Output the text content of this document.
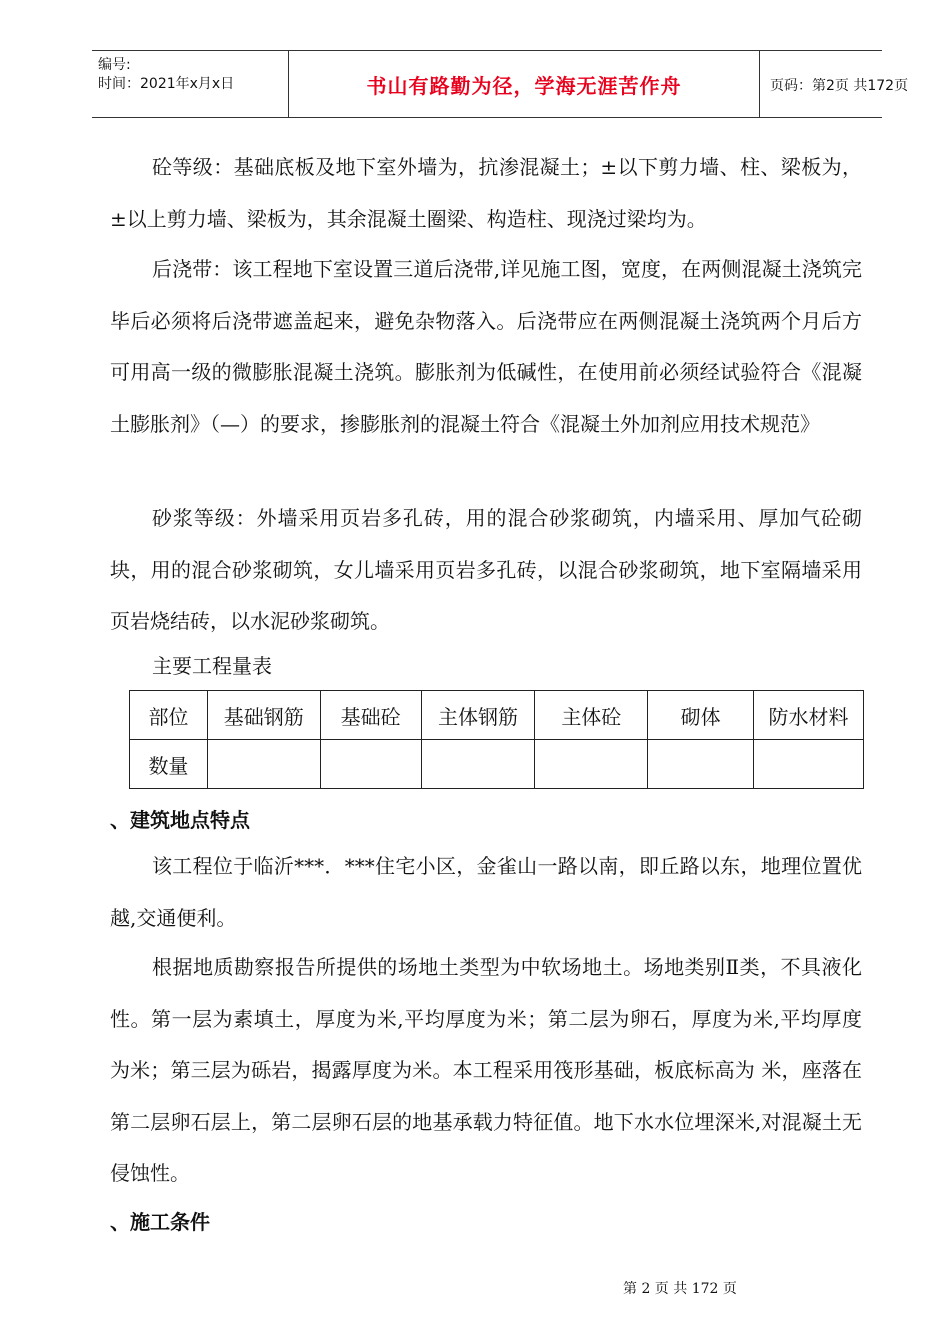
编号:
时间：2021年x月x日	书山有路勤为径，学海无涯苦作舟	页码：第2页 共172页

砼等级：基础底板及地下室外墙为，抗渗混凝土；±以下剪力墙、柱、梁板为，±以上剪力墙、梁板为，其余混凝土圈梁、构造柱、现浇过梁均为。

后浇带：该工程地下室设置三道后浇带,详见施工图，宽度，在两侧混凝土浇筑完毕后必须将后浇带遮盖起来，避免杂物落入。后浇带应在两侧混凝土浇筑两个月后方可用高一级的微膨胀混凝土浇筑。膨胀剂为低碱性，在使用前必须经试验符合《混凝土膨胀剂》（—）的要求，掺膨胀剂的混凝土符合《混凝土外加剂应用技术规范》

砂浆等级：外墙采用页岩多孔砖，用的混合砂浆砌筑，内墙采用、厚加气砼砌块，用的混合砂浆砌筑，女儿墙采用页岩多孔砖，以混合砂浆砌筑，地下室隔墙采用页岩烧结砖，以水泥砂浆砌筑。

主要工程量表
部位	基础钢筋	基础砼	主体钢筋	主体砼	砌体	防水材料
数量						
、建筑地点特点

该工程位于临沂***．***住宅小区，金雀山一路以南，即丘路以东，地理位置优越,交通便利。

根据地质勘察报告所提供的场地土类型为中软场地土。场地类别Ⅱ类，不具液化性。第一层为素填土，厚度为米,平均厚度为米；第二层为卵石，厚度为米,平均厚度为米；第三层为砾岩，揭露厚度为米。本工程采用筏形基础，板底标高为 米，座落在第二层卵石层上，第二层卵石层的地基承载力特征值。地下水水位埋深米,对混凝土无侵蚀性。

、施工条件
第 2 页 共 172 页
